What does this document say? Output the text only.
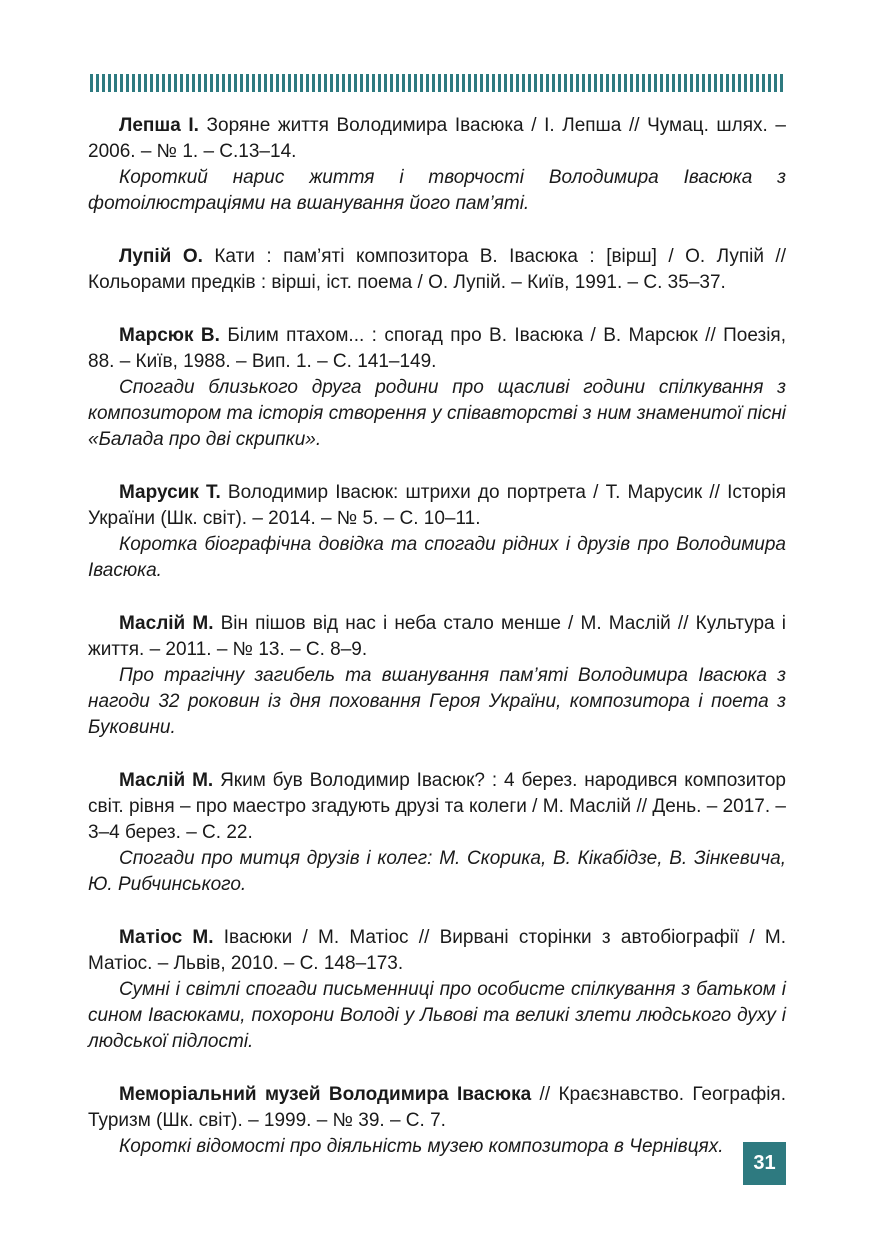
Лепша І. Зоряне життя Володимира Івасюка / І. Лепша // Чумац. шлях. – 2006. – № 1. – С.13–14.

Короткий нарис життя і творчості Володимира Івасюка з фотоілюстраціями на вшанування його пам’яті.

Лупій О. Кати : пам’яті композитора В. Івасюка : [вірш] / О. Лупій // Кольорами предків : вірші, іст. поема / О. Лупій. – Київ, 1991. – С. 35–37.

Марсюк В. Білим птахом... : спогад про В. Івасюка / В. Марсюк // Поезія, 88. – Київ, 1988. – Вип. 1. – С. 141–149.

Спогади близького друга родини про щасливі години спілкування з композитором та історія створення у співавторстві з ним знаменитої пісні «Балада про дві скрипки».

Марусик Т. Володимир Івасюк: штрихи до портрета / Т. Марусик // Історія України (Шк. світ). – 2014. – № 5. – С. 10–11.

Коротка біографічна довідка та спогади рідних і друзів про Володимира Івасюка.

Маслій М. Він пішов від нас і неба стало менше / М. Маслій // Культура і життя. – 2011. – № 13. – С. 8–9.

Про трагічну загибель та вшанування пам’яті Володимира Івасюка з нагоди 32 роковин із дня поховання Героя України, композитора і поета з Буковини.

Маслій М. Яким був Володимир Івасюк? : 4 берез. народився композитор світ. рівня – про маестро згадують друзі та колеги / М. Маслій // День. – 2017. – 3–4 берез. – С. 22.

Спогади про митця друзів і колег: М. Скорика, В. Кікабідзе, В. Зінкевича, Ю. Рибчинського.

Матіос М. Івасюки / М. Матіос // Вирвані сторінки з автобіографії / М. Матіос. – Львів, 2010. – С. 148–173.

Сумні і світлі спогади письменниці про особисте спілкування з батьком і сином Івасюками, похорони Володі у Львові та великі злети людського духу і людської підлості.

Меморіальний музей Володимира Івасюка // Краєзнавство. Географія. Туризм (Шк. світ). – 1999. – № 39. – С. 7.

Короткі відомості про діяльність музею композитора в Чернівцях.

31
